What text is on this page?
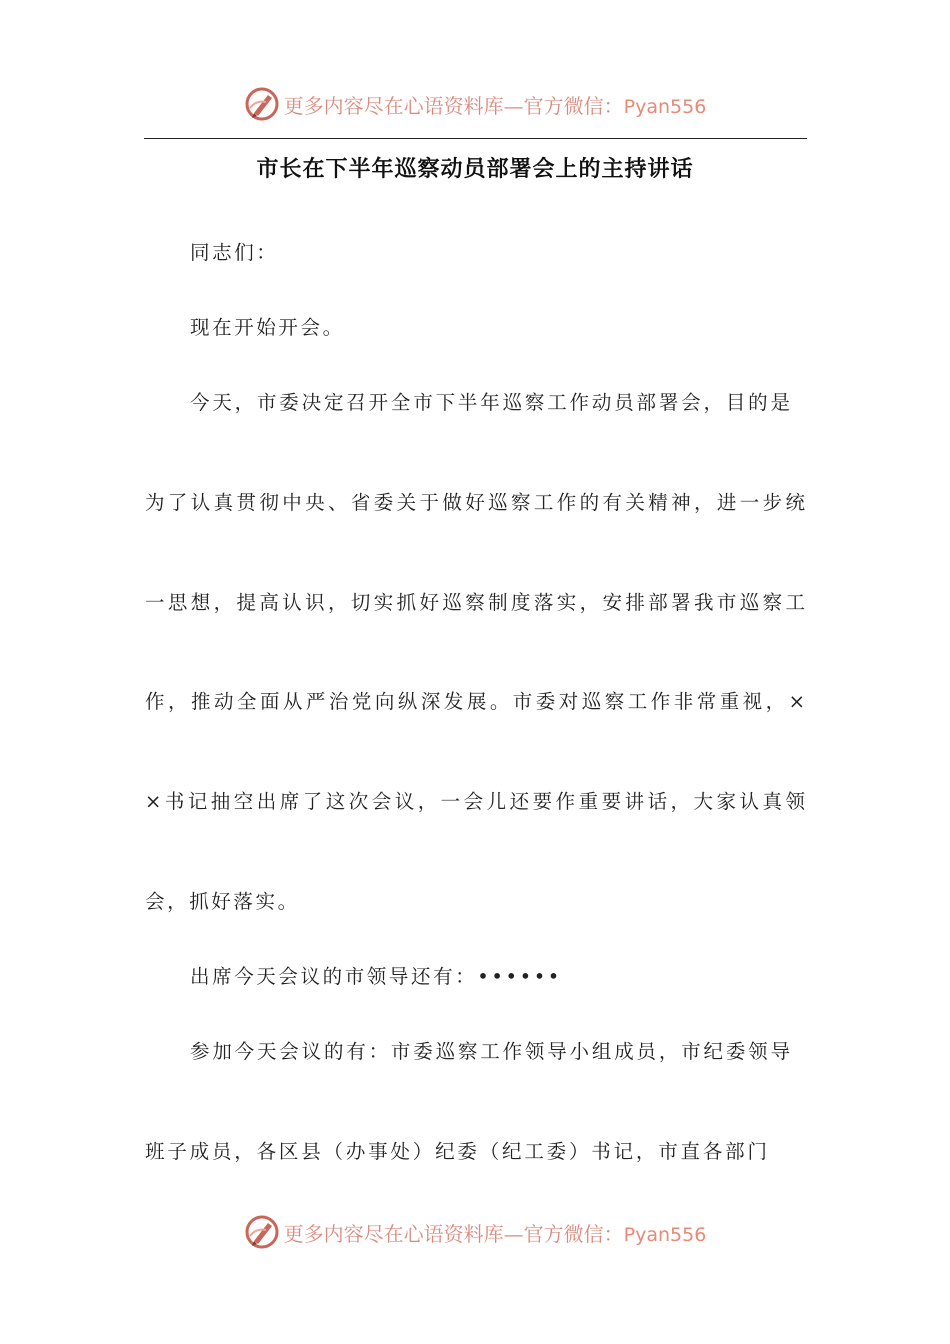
更多内容尽在心语资料库—官方微信：Pyan556
市长在下半年巡察动员部署会上的主持讲话
同志们：
现在开始开会。
今天，市委决定召开全市下半年巡察工作动员部署会，目的是
为了认真贯彻中央、省委关于做好巡察工作的有关精神，进一步统
一思想，提高认识，切实抓好巡察制度落实，安排部署我市巡察工
作，推动全面从严治党向纵深发展。市委对巡察工作非常重视，×
×书记抽空出席了这次会议，一会儿还要作重要讲话，大家认真领
会，抓好落实。
出席今天会议的市领导还有：••••••
参加今天会议的有：市委巡察工作领导小组成员，市纪委领导
班子成员，各区县（办事处）纪委（纪工委）书记，市直各部门
更多内容尽在心语资料库—官方微信：Pyan556
